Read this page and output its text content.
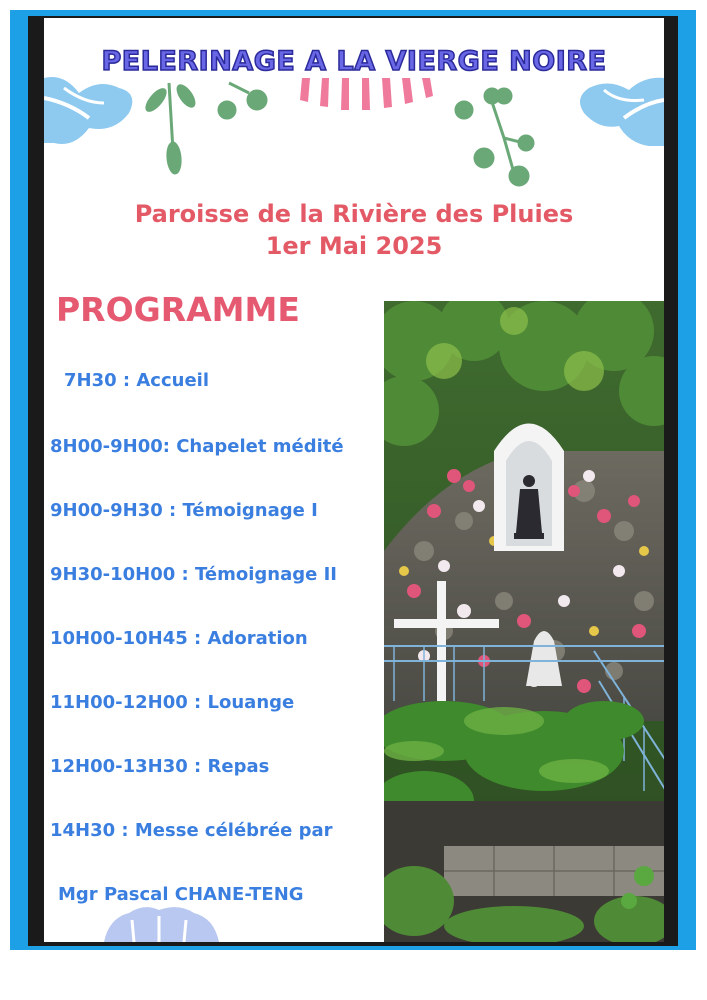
PELERINAGE A LA VIERGE NOIRE
Paroisse de la Rivière des Pluies
1er Mai 2025
PROGRAMME
7H30 : Accueil
8H00-9H00: Chapelet médité
9H00-9H30 : Témoignage I
9H30-10H00 : Témoignage II
10H00-10H45 : Adoration
11H00-12H00 : Louange
12H00-13H30 : Repas
14H30 : Messe célébrée par
Mgr Pascal CHANE-TENG
